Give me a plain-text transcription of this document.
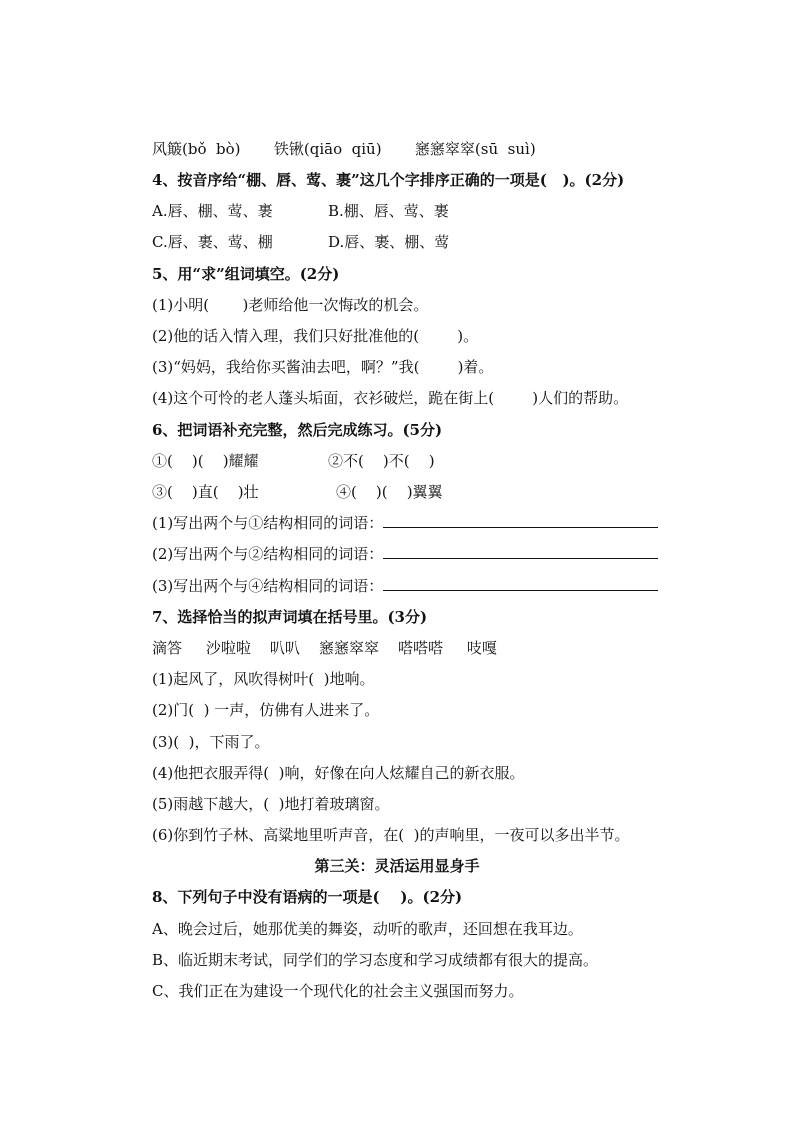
风簸(bǒ  bò)       铁锹(qiāo  qiū)       窸窸窣窣(sū  suì)
4、按音序给“棚、唇、莺、裹”这几个字排序正确的一项是(   )。(2分)
A.唇、棚、莺、裹	B.棚、唇、莺、裹
C.唇、裹、莺、棚	D.唇、裹、棚、莺
5、用“求”组词填空。(2分)
(1)小明(       )老师给他一次悔改的机会。
(2)他的话入情入理，我们只好批准他的(        )。
(3)“妈妈，我给你买酱油去吧，啊？”我(        )着。
(4)这个可怜的老人蓬头垢面，衣衫破烂，跪在街上(        )人们的帮助。
6、把词语补充完整，然后完成练习。(5分)
①(    )(    )耀耀	②不(    )不(    )
③(    )直(    )壮	④(    )(    )翼翼
(1)写出两个与①结构相同的词语：
(2)写出两个与②结构相同的词语：
(3)写出两个与④结构相同的词语：
7、选择恰当的拟声词填在括号里。(3分)
滴答     沙啦啦    叭叭    窸窸窣窣    嗒嗒嗒     吱嘎
(1)起风了，风吹得树叶(  )地响。
(2)门(  ) 一声，仿佛有人进来了。
(3)(  )，下雨了。
(4)他把衣服弄得(  )响，好像在向人炫耀自己的新衣服。
(5)雨越下越大，(  )地打着玻璃窗。
(6)你到竹子林、高粱地里听声音，在(  )的声响里，一夜可以多出半节。
第三关：灵活运用显身手
8、下列句子中没有语病的一项是(    )。(2分)
A、晚会过后，她那优美的舞姿，动听的歌声，还回想在我耳边。
B、临近期末考试，同学们的学习态度和学习成绩都有很大的提高。
C、我们正在为建设一个现代化的社会主义强国而努力。
